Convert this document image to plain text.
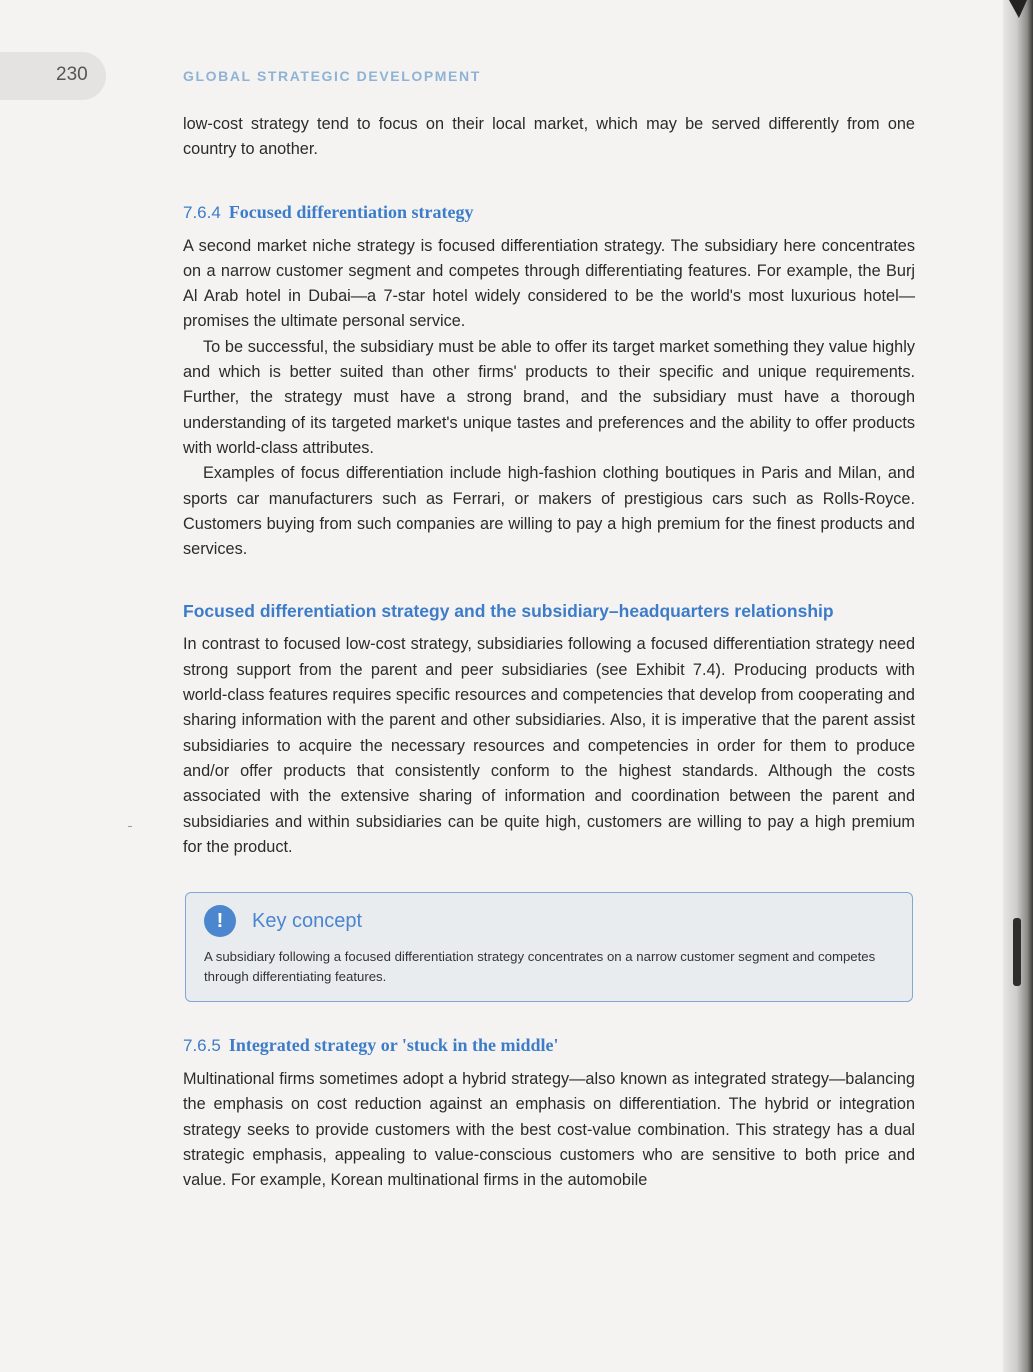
230	GLOBAL STRATEGIC DEVELOPMENT

low-cost strategy tend to focus on their local market, which may be served differently from one country to another.

7.6.4 Focused differentiation strategy

A second market niche strategy is focused differentiation strategy. The subsidiary here concentrates on a narrow customer segment and competes through differentiating features. For example, the Burj Al Arab hotel in Dubai—a 7-star hotel widely considered to be the world's most luxurious hotel—promises the ultimate personal service.

To be successful, the subsidiary must be able to offer its target market something they value highly and which is better suited than other firms' products to their specific and unique requirements. Further, the strategy must have a strong brand, and the subsidiary must have a thorough understanding of its targeted market's unique tastes and preferences and the ability to offer products with world-class attributes.

Examples of focus differentiation include high-fashion clothing boutiques in Paris and Milan, and sports car manufacturers such as Ferrari, or makers of prestigious cars such as Rolls-Royce. Customers buying from such companies are willing to pay a high premium for the finest products and services.

Focused differentiation strategy and the subsidiary–headquarters relationship

In contrast to focused low-cost strategy, subsidiaries following a focused differentiation strategy need strong support from the parent and peer subsidiaries (see Exhibit 7.4). Producing products with world-class features requires specific resources and competencies that develop from cooperating and sharing information with the parent and other subsidiaries. Also, it is imperative that the parent assist subsidiaries to acquire the necessary resources and competencies in order for them to produce and/or offer products that consistently conform to the highest standards. Although the costs associated with the extensive sharing of information and coordination between the parent and subsidiaries and within subsidiaries can be quite high, customers are willing to pay a high premium for the product.

!	Key concept

A subsidiary following a focused differentiation strategy concentrates on a narrow customer segment and competes through differentiating features.

7.6.5 Integrated strategy or 'stuck in the middle'

Multinational firms sometimes adopt a hybrid strategy—also known as integrated strategy—balancing the emphasis on cost reduction against an emphasis on differentiation. The hybrid or integration strategy seeks to provide customers with the best cost-value combination. This strategy has a dual strategic emphasis, appealing to value-conscious customers who are sensitive to both price and value. For example, Korean multinational firms in the automobile
